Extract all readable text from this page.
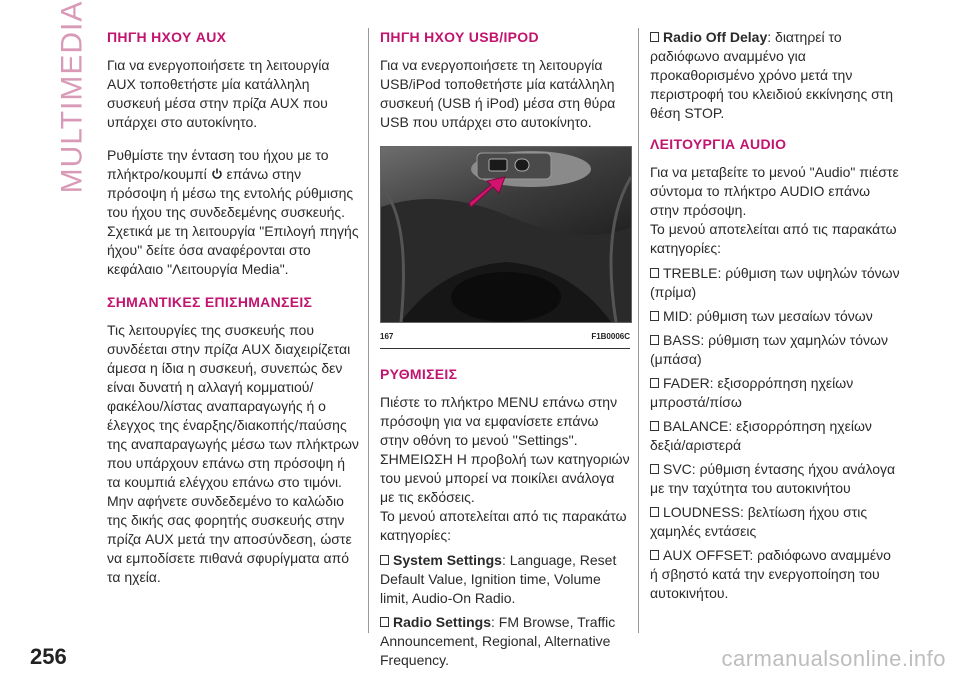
MULTIMEDIA ΠΗΓΗ ΗΧΟΥ AUX

Για να ενεργοποιήσετε τη λειτουργία AUX τοποθετήστε μία κατάλληλη συσκευή μέσα στην πρίζα AUX που υπάρχει στο αυτοκίνητο.

Ρυθμίστε την ένταση του ήχου με το πλήκτρο/κουμπί επάνω στην πρόσοψη ή μέσω της εντολής ρύθμισης του ήχου της συνδεδεμένης συσκευής.

Σχετικά με τη λειτουργία "Επιλογή πηγής ήχου" δείτε όσα αναφέρονται στο κεφάλαιο "Λειτουργία Media".

ΣΗΜΑΝΤΙΚΕΣ ΕΠΙΣΗΜΑΝΣΕΙΣ

Τις λειτουργίες της συσκευής που συνδέεται στην πρίζα AUX διαχειρίζεται άμεσα η ίδια η συσκευή, συνεπώς δεν είναι δυνατή η αλλαγή κομματιού/φακέλου/λίστας αναπαραγωγής ή ο έλεγχος της έναρξης/διακοπής/παύσης της αναπαραγωγής μέσω των πλήκτρων που υπάρχουν επάνω στη πρόσοψη ή τα κουμπιά ελέγχου επάνω στο τιμόνι.

Μην αφήνετε συνδεδεμένο το καλώδιο της δικής σας φορητής συσκευής στην πρίζα AUX μετά την αποσύνδεση, ώστε να εμποδίσετε πιθανά σφυρίγματα από τα ηχεία.

ΠΗΓΗ ΗΧΟΥ USB/IPOD

Για να ενεργοποιήσετε τη λειτουργία USB/iPod τοποθετήστε μία κατάλληλη συσκευή (USB ή iPod) μέσα στη θύρα USB που υπάρχει στο αυτοκίνητο.

167	F1B0006C
ΡΥΘΜΙΣΕΙΣ

Πιέστε το πλήκτρο MENU επάνω στην πρόσοψη για να εμφανίσετε επάνω στην οθόνη το μενού ''Settings''.

ΣΗΜΕΙΩΣΗ Η προβολή των κατηγοριών του μενού μπορεί να ποικίλει ανάλογα με τις εκδόσεις.

Το μενού αποτελείται από τις παρακάτω κατηγορίες:

System Settings: Language, Reset Default Value, Ignition time, Volume limit, Audio-On Radio.
Radio Settings: FM Browse, Traffic Announcement, Regional, Alternative Frequency.
Radio Off Delay: διατηρεί το ραδιόφωνο αναμμένο για προκαθορισμένο χρόνο μετά την περιστροφή του κλειδιού εκκίνησης στη θέση STOP.
ΛΕΙΤΟΥΡΓΙΑ AUDIO

Για να μεταβείτε το μενού "Audio" πιέστε σύντομα το πλήκτρο AUDIO επάνω στην πρόσοψη.

Το μενού αποτελείται από τις παρακάτω κατηγορίες:

TREBLE: ρύθμιση των υψηλών τόνων (πρίμα)
MID: ρύθμιση των μεσαίων τόνων
BASS: ρύθμιση των χαμηλών τόνων (μπάσα)
FADER: εξισορρόπηση ηχείων μπροστά/πίσω
BALANCE: εξισορρόπηση ηχείων δεξιά/αριστερά
SVC: ρύθμιση έντασης ήχου ανάλογα με την ταχύτητα του αυτοκινήτου
LOUDNESS: βελτίωση ήχου στις χαμηλές εντάσεις
AUX OFFSET: ραδιόφωνο αναμμένο ή σβηστό κατά την ενεργοποίηση του αυτοκινήτου.
256	carmanualsonline.info
